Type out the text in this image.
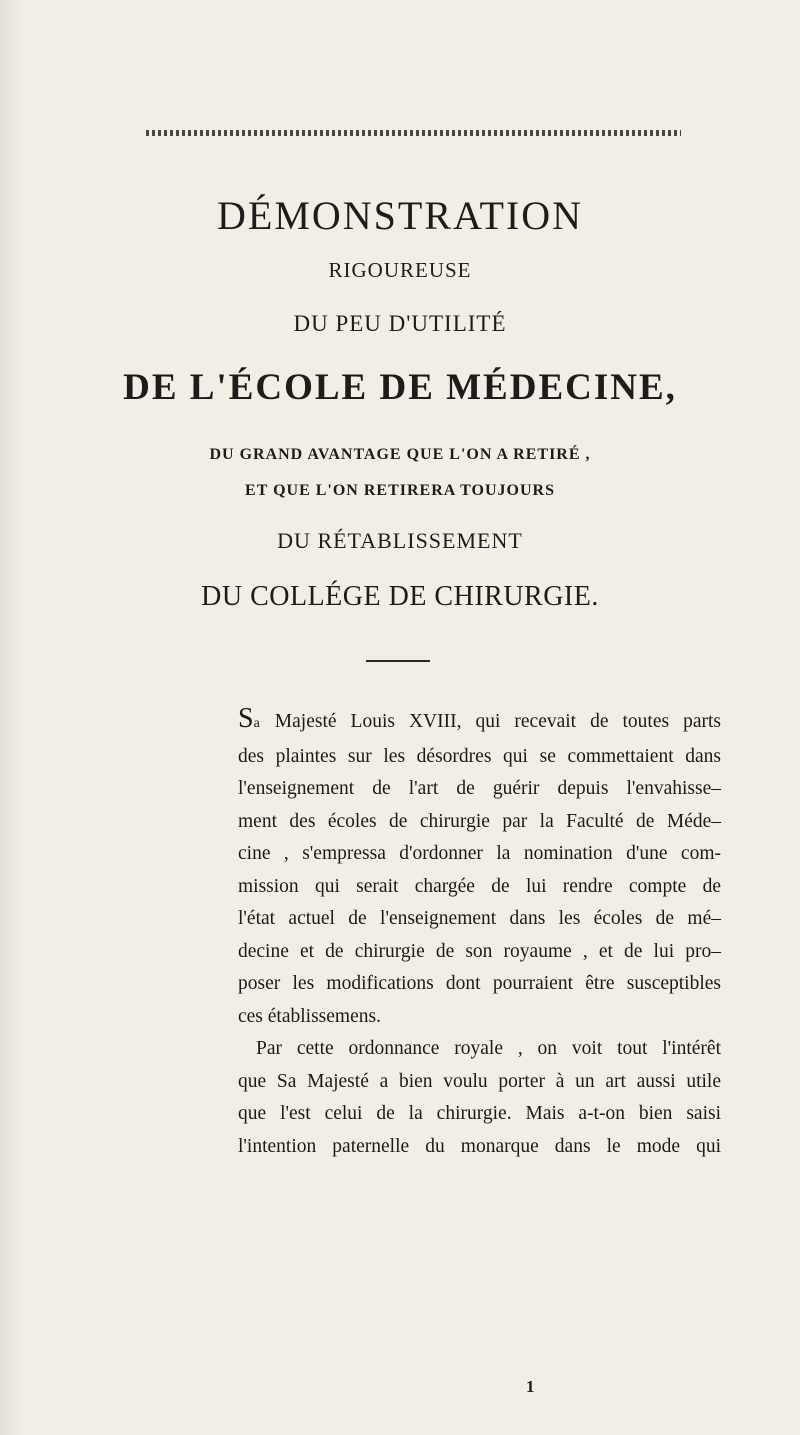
DÉMONSTRATION
RIGOUREUSE
DU PEU D'UTILITÉ
DE L'ÉCOLE DE MÉDECINE,
DU GRAND AVANTAGE QUE L'ON A RETIRÉ ,
ET QUE L'ON RETIRERA TOUJOURS
DU RÉTABLISSEMENT
DU COLLÉGE DE CHIRURGIE.
Sa Majesté Louis XVIII, qui recevait de toutes parts
des plaintes sur les désordres qui se commettaient dans
l'enseignement de l'art de guérir depuis l'envahisse–
ment des écoles de chirurgie par la Faculté de Méde–
cine , s'empressa d'ordonner la nomination d'une com-
mission qui serait chargée de lui rendre compte de
l'état actuel de l'enseignement dans les écoles de mé–
decine et de chirurgie de son royaume , et de lui pro–
poser les modifications dont pourraient être susceptibles
ces établissemens.
Par cette ordonnance royale , on voit tout l'intérêt
que Sa Majesté a bien voulu porter à un art aussi utile
que l'est celui de la chirurgie. Mais a-t-on bien saisi
l'intention paternelle du monarque dans le mode qui
1
